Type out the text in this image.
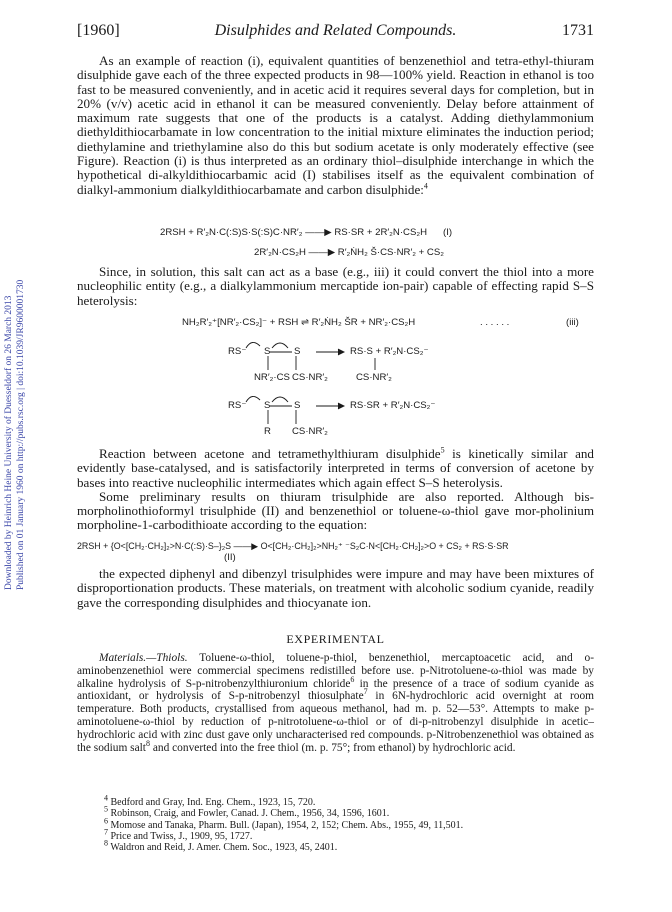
Downloaded by Heinrich Heine University of Duesseldorf on 26 March 2013 Published on 01 January 1960 on http://pubs.rsc.org | doi:10.1039/JR9600001730
[1960]	Disulphides and Related Compounds.	1731

As an example of reaction (i), equivalent quantities of benzenethiol and tetra-ethyl-thiuram disulphide gave each of the three expected products in 98—100% yield. Reaction in ethanol is too fast to be measured conveniently, and in acetic acid it requires several days for completion, but in 20% (v/v) acetic acid in ethanol it can be measured conveniently. Delay before attainment of maximum rate suggests that one of the products is a catalyst. Adding diethylammonium diethyldithiocarbamate in low concentration to the initial mixture eliminates the induction period; diethylamine and triethylamine also do this but sodium acetate is only moderately effective (see Figure). Reaction (i) is thus interpreted as an ordinary thiol–disulphide interchange in which the hypothetical di-alkyldithiocarbamic acid (I) stabilises itself as the equivalent combination of dialkyl-ammonium dialkyldithiocarbamate and carbon disulphide:$^4$

2RSH + R′₂N·C(:S)S·S(:S)C·NR′₂ ——▶ RS·SR + 2R′₂N·CS₂H (I)
2R′₂N·CS₂H ——▶ R′₂ṄH₂ Š·CS·NR′₂ + CS₂

Since, in solution, this salt can act as a base (e.g., iii) it could convert the thiol into a more nucleophilic entity (e.g., a dialkylammonium mercaptide ion-pair) capable of effecting rapid S–S heterolysis:

NH₂R′₂⁺[NR′₂·CS₂]⁻ + RSH ⇌ R′₂ṄH₂ ŠR + NR′₂·CS₂H	. . . . . .	(iii)
RS⁻ S S
NR′₂·CS CS·NR′₂
RS·S + R′₂N·CS₂⁻
CS·NR′₂
RS⁻ S S
R CS·NR′₂
RS·SR + R′₂N·CS₂⁻

Reaction between acetone and tetramethylthiuram disulphide$^5$ is kinetically similar and evidently base-catalysed, and is satisfactorily interpreted in terms of conversion of acetone by bases into reactive nucleophilic intermediates which again effect S–S heterolysis.

Some preliminary results on thiuram trisulphide are also reported. Although bis-morpholinothioformyl trisulphide (II) and benzenethiol or toluene-ω-thiol gave mor-pholinium morpholine-1-carbodithioate according to the equation:

2RSH + {O<[CH₂·CH₂]₂>N·C(:S)·S–}₂S ——▶ O<[CH₂·CH₂]₂>NH₂⁺ ⁻S₂C·N<[CH₂·CH₂]₂>O + CS₂ + RS·S·SR
(II)

the expected diphenyl and dibenzyl trisulphides were impure and may have been mixtures of disproportionation products. These materials, on treatment with alcoholic sodium cyanide, readily gave the corresponding disulphides and thiocyanate ion.

EXPERIMENTAL

Materials.—Thiols. Toluene-ω-thiol, toluene-p-thiol, benzenethiol, mercaptoacetic acid, and o-aminobenzenethiol were commercial specimens redistilled before use. p-Nitrotoluene-ω-thiol was made by alkaline hydrolysis of S-p-nitrobenzylthiuronium chloride$^6$ in the presence of a trace of sodium cyanide as antioxidant, or hydrolysis of S-p-nitrobenzyl thiosulphate$^7$ in 6N-hydrochloric acid overnight at room temperature. Both products, crystallised from aqueous methanol, had m. p. 52—53°. Attempts to make p-aminotoluene-ω-thiol by reduction of p-nitrotoluene-ω-thiol or of di-p-nitrobenzyl disulphide in acetic–hydrochloric acid with zinc dust gave only uncharacterised red compounds. p-Nitrobenzenethiol was obtained as the sodium salt$^8$ and converted into the free thiol (m. p. 75°; from ethanol) by hydrochloric acid.

$^4$ Bedford and Gray, Ind. Eng. Chem., 1923, 15, 720.
$^5$ Robinson, Craig, and Fowler, Canad. J. Chem., 1956, 34, 1596, 1601.
$^6$ Momose and Tanaka, Pharm. Bull. (Japan), 1954, 2, 152; Chem. Abs., 1955, 49, 11,501.
$^7$ Price and Twiss, J., 1909, 95, 1727.
$^8$ Waldron and Reid, J. Amer. Chem. Soc., 1923, 45, 2401.
